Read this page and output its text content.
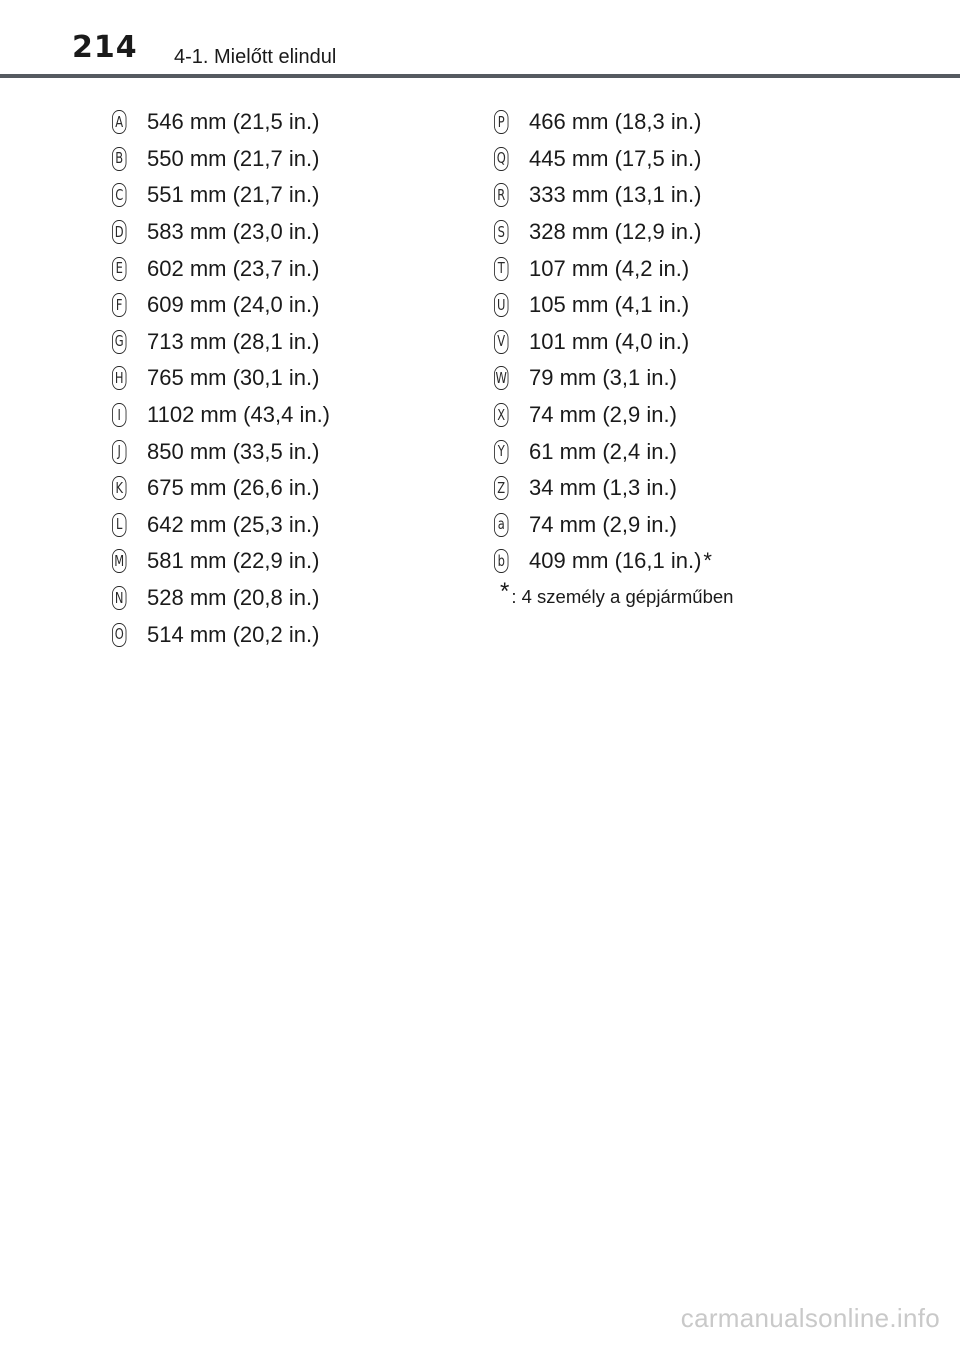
214 4-1. Mielőtt elindul
A 546 mm (21,5 in.)
B 550 mm (21,7 in.)
C 551 mm (21,7 in.)
D 583 mm (23,0 in.)
E 602 mm (23,7 in.)
F 609 mm (24,0 in.)
G 713 mm (28,1 in.)
H 765 mm (30,1 in.)
I 1102 mm (43,4 in.)
J 850 mm (33,5 in.)
K 675 mm (26,6 in.)
L 642 mm (25,3 in.)
M 581 mm (22,9 in.)
N 528 mm (20,8 in.)
O 514 mm (20,2 in.)
P 466 mm (18,3 in.)
Q 445 mm (17,5 in.)
R 333 mm (13,1 in.)
S 328 mm (12,9 in.)
T 107 mm (4,2 in.)
U 105 mm (4,1 in.)
V 101 mm (4,0 in.)
W 79 mm (3,1 in.)
X 74 mm (2,9 in.)
Y 61 mm (2,4 in.)
Z 34 mm (1,3 in.)
a 74 mm (2,9 in.)
b 409 mm (16,1 in.) *
* : 4 személy a gépjárműben
carmanualsonline.info
